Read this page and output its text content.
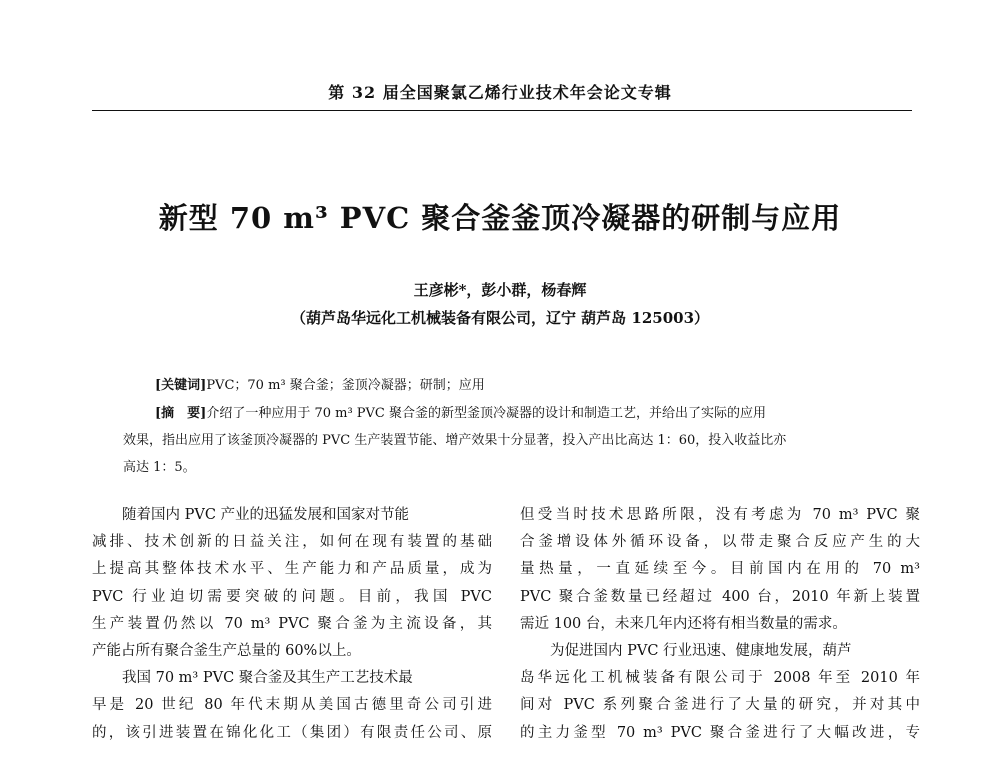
第 32 届全国聚氯乙烯行业技术年会论文专辑
新型 70 m³ PVC 聚合釜釜顶冷凝器的研制与应用
王彦彬*，彭小群，杨春辉
（葫芦岛华远化工机械装备有限公司，辽宁 葫芦岛 125003）
[关键词]PVC；70 m³ 聚合釜；釜顶冷凝器；研制；应用
[摘　要]介绍了一种应用于 70 m³ PVC 聚合釜的新型釜顶冷凝器的设计和制造工艺，并给出了实际的应用
效果，指出应用了该釜顶冷凝器的 PVC 生产装置节能、增产效果十分显著，投入产出比高达 1：60，投入收益比亦
高达 1：5。
随着国内 PVC 产业的迅猛发展和国家对节能
减排、技术创新的日益关注，如何在现有装置的基础
上提高其整体技术水平、生产能力和产品质量，成为
PVC 行业迫切需要突破的问题。目前，我国 PVC
生产装置仍然以 70 m³ PVC 聚合釜为主流设备，其
产能占所有聚合釜生产总量的 60%以上。
我国 70 m³ PVC 聚合釜及其生产工艺技术最
早是 20 世纪 80 年代末期从美国古德里奇公司引进
的，该引进装置在锦化化工（集团）有限责任公司、原
但受当时技术思路所限，没有考虑为 70 m³ PVC 聚
合釜增设体外循环设备，以带走聚合反应产生的大
量热量，一直延续至今。目前国内在用的 70 m³
PVC 聚合釜数量已经超过 400 台，2010 年新上装置
需近 100 台，未来几年内还将有相当数量的需求。
为促进国内 PVC 行业迅速、健康地发展，葫芦
岛华远化工机械装备有限公司于 2008 年至 2010 年
间对 PVC 系列聚合釜进行了大量的研究，并对其中
的主力釜型 70 m³ PVC 聚合釜进行了大幅改进，专
